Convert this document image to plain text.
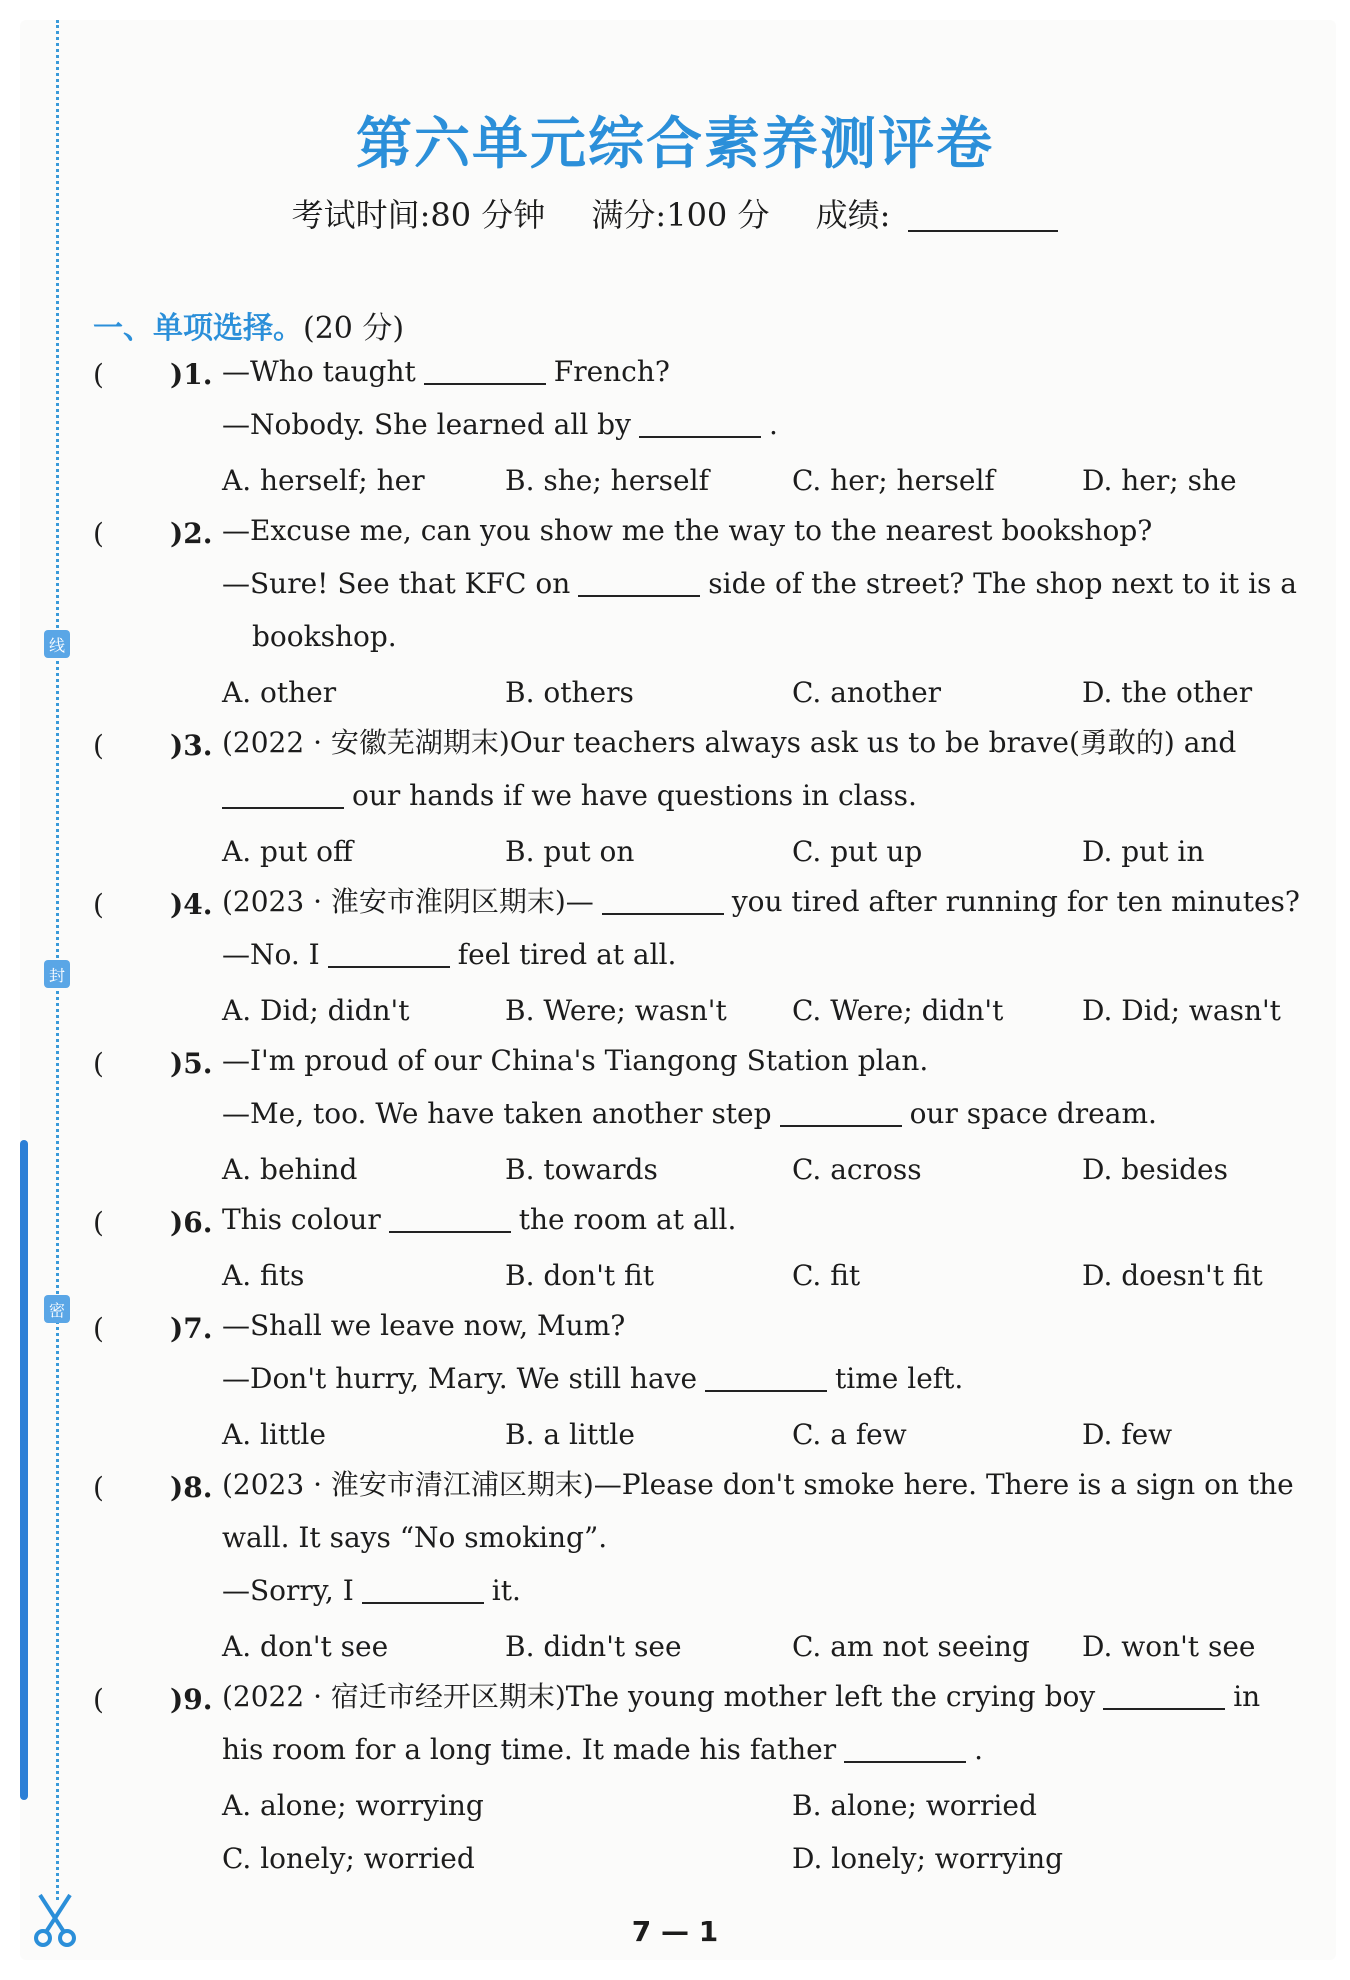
线
封
密
第六单元综合素养测评卷
考试时间:80 分钟 满分:100 分 成绩:
一、单项选择。(20 分)
( )1. —Who taught	French?
—Nobody. She learned all by	.
A. herself; her	B. she; herself	C. her; herself	D. her; she
( )2. —Excuse me, can you show me the way to the nearest bookshop?
—Sure! See that KFC on	side of the street? The shop next to it is a
bookshop.
A. other	B. others	C. another	D. the other
( )3. (2022 · 安徽芜湖期末)Our teachers always ask us to be brave(勇敢的) and
our hands if we have questions in class.
A. put off	B. put on	C. put up	D. put in
( )4. (2023 · 淮安市淮阴区期末)—	you tired after running for ten minutes?
—No. I	feel tired at all.
A. Did; didn't	B. Were; wasn't C. Were; didn't	D. Did; wasn't
( )5. —I'm proud of our China's Tiangong Station plan.
—Me, too. We have taken another step	our space dream.
A. behind	B. towards	C. across	D. besides
( )6. This colour	the room at all.
A. fits	B. don't fit	C. fit	D. doesn't fit
( )7. —Shall we leave now, Mum?
—Don't hurry, Mary. We still have	time left.
A. little	B. a little	C. a few	D. few
( )8. (2023 · 淮安市清江浦区期末)—Please don't smoke here. There is a sign on the
wall. It says “No smoking”.
—Sorry, I	it.
A. don't see	B. didn't see	C. am not seeing D. won't see
( )9. (2022 · 宿迁市经开区期末)The young mother left the crying boy	in
his room for a long time. It made his father	.
A. alone; worrying	B. alone; worried
C. lonely; worried	D. lonely; worrying
7 — 1
